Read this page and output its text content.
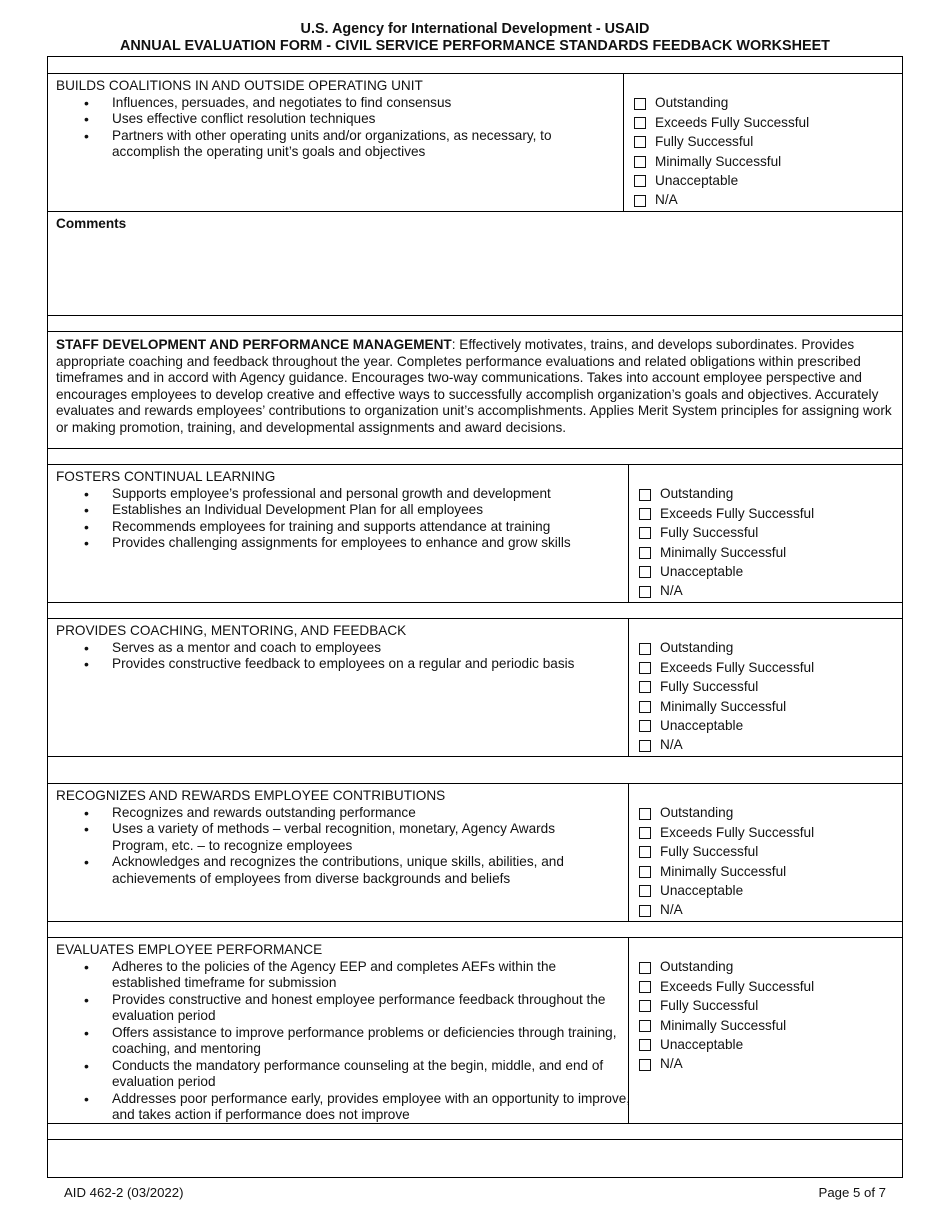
U.S. Agency for International Development - USAID
ANNUAL EVALUATION FORM - CIVIL SERVICE PERFORMANCE STANDARDS FEEDBACK WORKSHEET
BUILDS COALITIONS IN AND OUTSIDE OPERATING UNIT
• Influences, persuades, and negotiates to find consensus
• Uses effective conflict resolution techniques
• Partners with other operating units and/or organizations, as necessary, to accomplish the operating unit’s goals and objectives
Outstanding
Exceeds Fully Successful
Fully Successful
Minimally Successful
Unacceptable
N/A
Comments
STAFF DEVELOPMENT AND PERFORMANCE MANAGEMENT: Effectively motivates, trains, and develops subordinates. Provides appropriate coaching and feedback throughout the year. Completes performance evaluations and related obligations within prescribed timeframes and in accord with Agency guidance. Encourages two-way communications. Takes into account employee perspective and encourages employees to develop creative and effective ways to successfully accomplish organization’s goals and objectives. Accurately evaluates and rewards employees’ contributions to organization unit’s accomplishments. Applies Merit System principles for assigning work or making promotion, training, and developmental assignments and award decisions.
FOSTERS CONTINUAL LEARNING
• Supports employee’s professional and personal growth and development
• Establishes an Individual Development Plan for all employees
• Recommends employees for training and supports attendance at training
• Provides challenging assignments for employees to enhance and grow skills
Outstanding
Exceeds Fully Successful
Fully Successful
Minimally Successful
Unacceptable
N/A
PROVIDES COACHING, MENTORING, AND FEEDBACK
• Serves as a mentor and coach to employees
• Provides constructive feedback to employees on a regular and periodic basis
Outstanding
Exceeds Fully Successful
Fully Successful
Minimally Successful
Unacceptable
N/A
RECOGNIZES AND REWARDS EMPLOYEE CONTRIBUTIONS
• Recognizes and rewards outstanding performance
• Uses a variety of methods – verbal recognition, monetary, Agency Awards Program, etc. – to recognize employees
• Acknowledges and recognizes the contributions, unique skills, abilities, and achievements of employees from diverse backgrounds and beliefs
Outstanding
Exceeds Fully Successful
Fully Successful
Minimally Successful
Unacceptable
N/A
EVALUATES EMPLOYEE PERFORMANCE
• Adheres to the policies of the Agency EEP and completes AEFs within the established timeframe for submission
• Provides constructive and honest employee performance feedback throughout the evaluation period
• Offers assistance to improve performance problems or deficiencies through training, coaching, and mentoring
• Conducts the mandatory performance counseling at the begin, middle, and end of evaluation period
• Addresses poor performance early, provides employee with an opportunity to improve, and takes action if performance does not improve
Outstanding
Exceeds Fully Successful
Fully Successful
Minimally Successful
Unacceptable
N/A
AID 462-2 (03/2022)	Page 5 of 7
